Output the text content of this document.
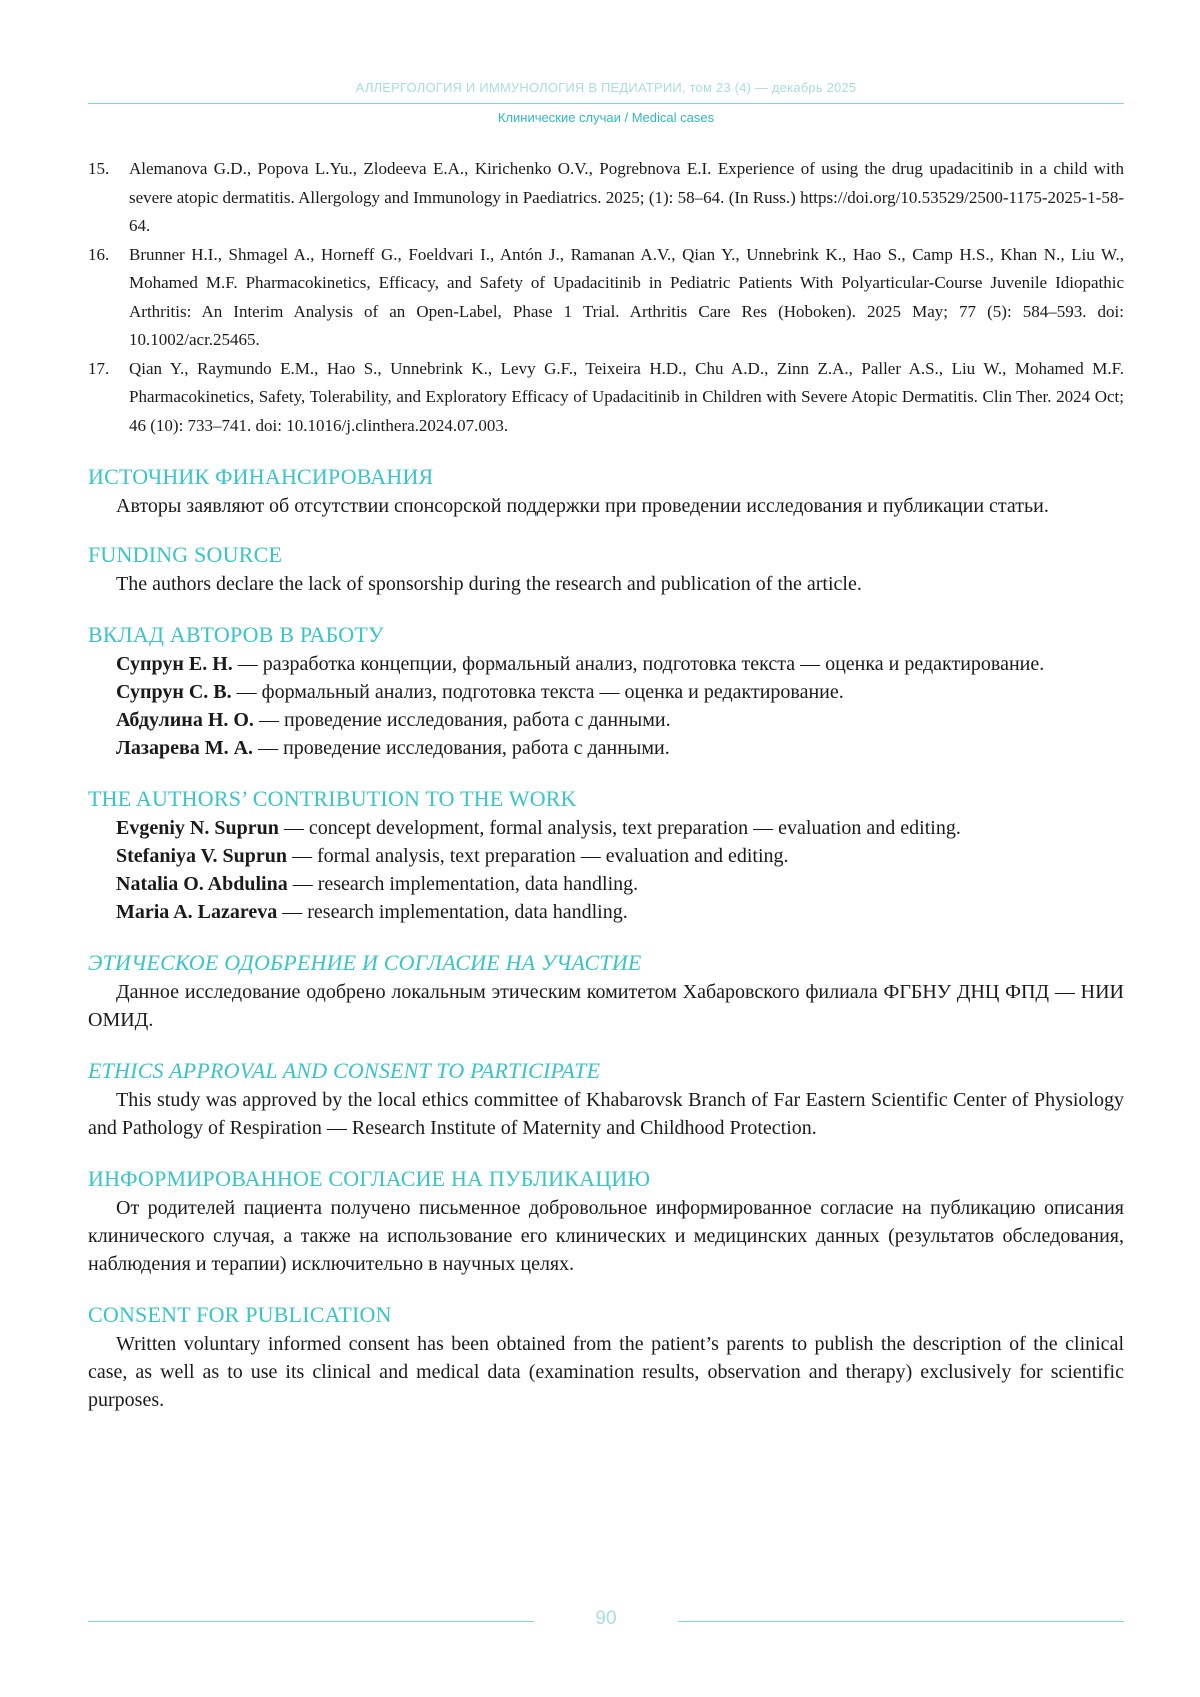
АЛЛЕРГОЛОГИЯ И ИММУНОЛОГИЯ В ПЕДИАТРИИ, том 23 (4) — декабрь 2025
Клинические случаи / Medical cases
15.	Alemanova G.D., Popova L.Yu., Zlodeeva E.A., Kirichenko O.V., Pogrebnova E.I. Experience of using the drug upadacitinib in a child with severe atopic dermatitis. Allergology and Immunology in Paediatrics. 2025; (1): 58–64. (In Russ.) https://doi.org/10.53529/2500-1175-2025-1-58-64.
16.	Brunner H.I., Shmagel A., Horneff G., Foeldvari I., Antón J., Ramanan A.V., Qian Y., Unnebrink K., Hao S., Camp H.S., Khan N., Liu W., Mohamed M.F. Pharmacokinetics, Efficacy, and Safety of Upadacitinib in Pediatric Patients With Polyarticular-Course Juvenile Idiopathic Arthritis: An Interim Analysis of an Open-Label, Phase 1 Trial. Arthritis Care Res (Hoboken). 2025 May; 77 (5): 584–593. doi: 10.1002/acr.25465.
17.	Qian Y., Raymundo E.M., Hao S., Unnebrink K., Levy G.F., Teixeira H.D., Chu A.D., Zinn Z.A., Paller A.S., Liu W., Mohamed M.F. Pharmacokinetics, Safety, Tolerability, and Exploratory Efficacy of Upadacitinib in Children with Severe Atopic Dermatitis. Clin Ther. 2024 Oct; 46 (10): 733–741. doi: 10.1016/j.clinthera.2024.07.003.
ИСТОЧНИК ФИНАНСИРОВАНИЯ

Авторы заявляют об отсутствии спонсорской поддержки при проведении исследования и публикации статьи.

FUNDING SOURCE

The authors declare the lack of sponsorship during the research and publication of the article.

ВКЛАД АВТОРОВ В РАБОТУ

Супрун Е. Н. — разработка концепции, формальный анализ, подготовка текста — оценка и редактирование.

Супрун С. В. — формальный анализ, подготовка текста — оценка и редактирование.

Абдулина Н. О. — проведение исследования, работа с данными.

Лазарева М. А. — проведение исследования, работа с данными.

THE AUTHORS’ CONTRIBUTION TO THE WORK

Evgeniy N. Suprun — concept development, formal analysis, text preparation — evaluation and editing.

Stefaniya V. Suprun — formal analysis, text preparation — evaluation and editing.

Natalia O. Abdulina — research implementation, data handling.

Maria A. Lazareva — research implementation, data handling.

ЭТИЧЕСКОЕ ОДОБРЕНИЕ И СОГЛАСИЕ НА УЧАСТИЕ

Данное исследование одобрено локальным этическим комитетом Хабаровского филиала ФГБНУ ДНЦ ФПД — НИИ ОМИД.

ETHICS APPROVAL AND CONSENT TO PARTICIPATE

This study was approved by the local ethics committee of Khabarovsk Branch of Far Eastern Scientific Center of Physiology and Pathology of Respiration — Research Institute of Maternity and Childhood Protection.

ИНФОРМИРОВАННОЕ СОГЛАСИЕ НА ПУБЛИКАЦИЮ

От родителей пациента получено письменное добровольное информированное согласие на публикацию описания клинического случая, а также на использование его клинических и медицинских данных (результатов обследования, наблюдения и терапии) исключительно в научных целях.

CONSENT FOR PUBLICATION

Written voluntary informed consent has been obtained from the patient’s parents to publish the description of the clinical case, as well as to use its clinical and medical data (examination results, observation and therapy) exclusively for scientific purposes.

90
